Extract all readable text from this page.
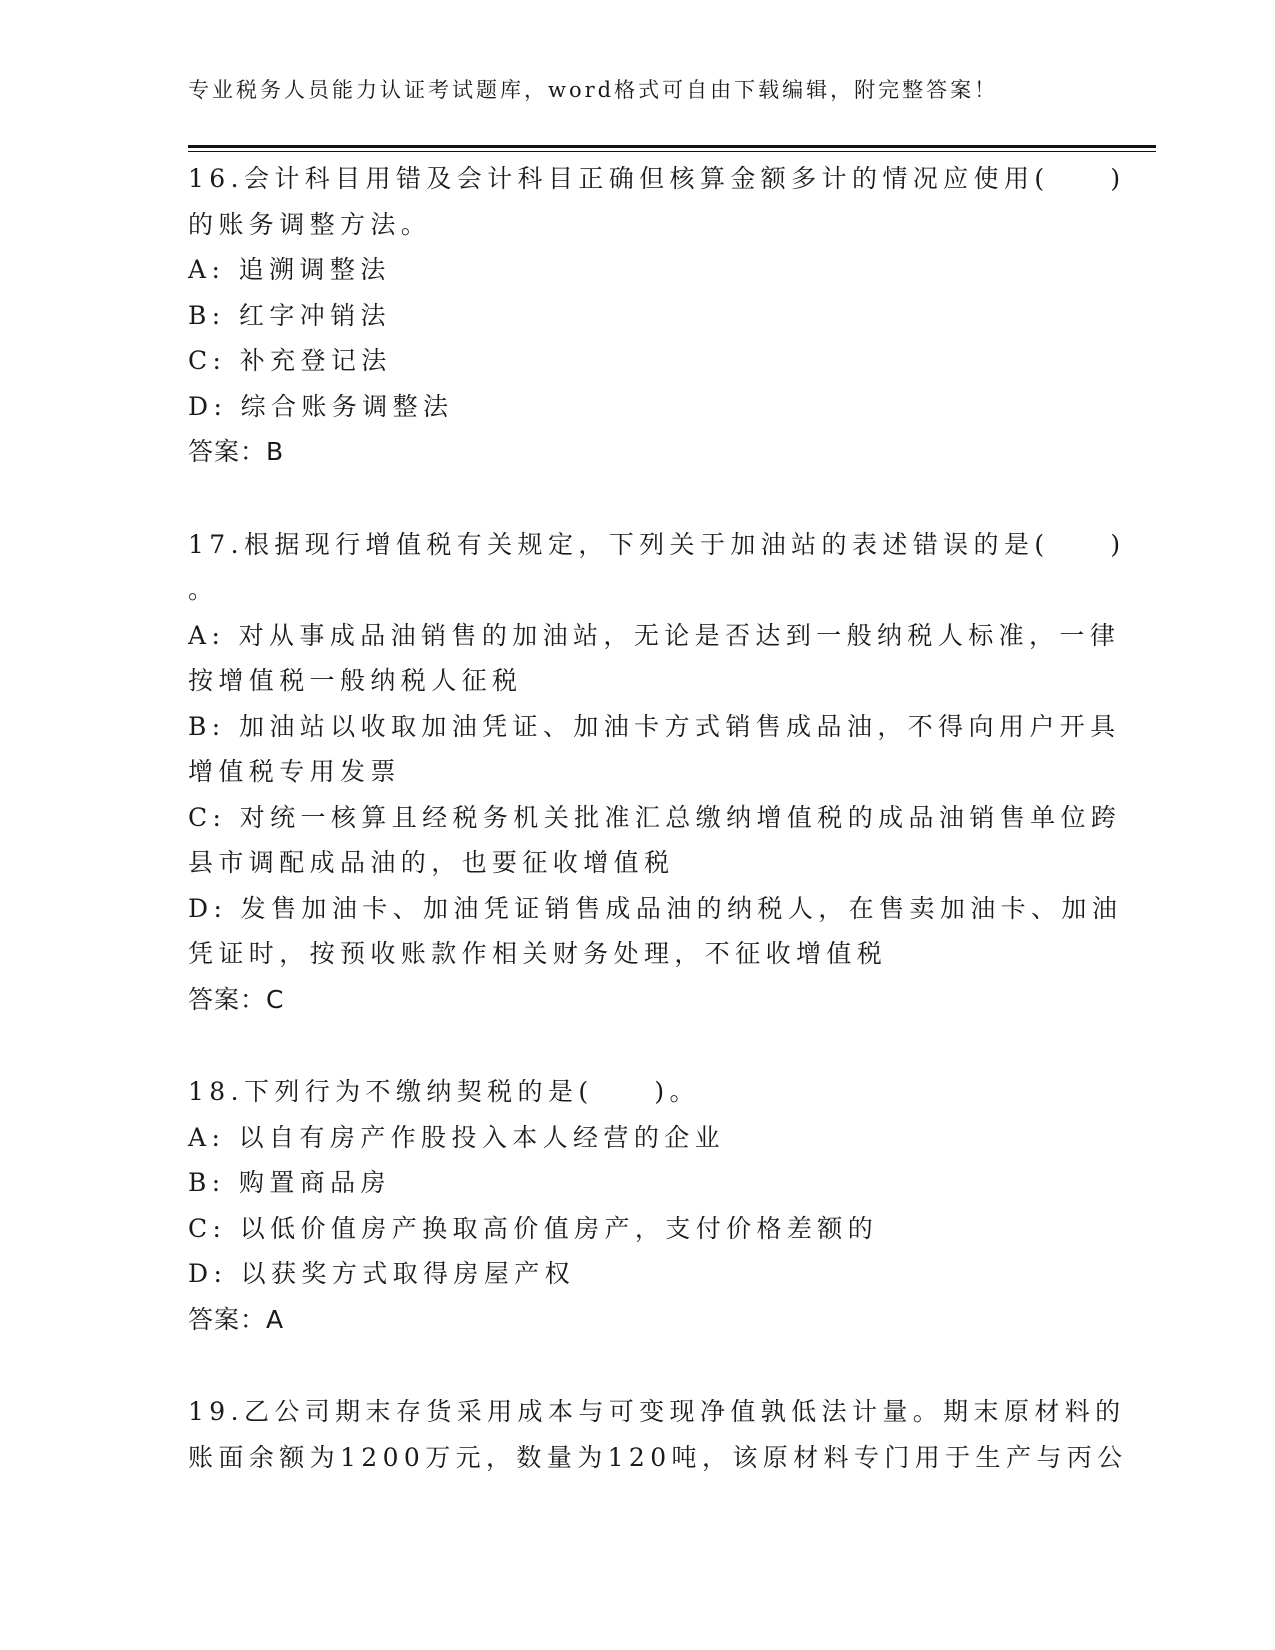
专业税务人员能力认证考试题库，word格式可自由下载编辑，附完整答案！
16.会计科目用错及会计科目正确但核算金额多计的情况应使用(　　)
的账务调整方法。
A: 追溯调整法
B: 红字冲销法
C: 补充登记法
D: 综合账务调整法
答案：B
17.根据现行增值税有关规定，下列关于加油站的表述错误的是(　　)
。
A: 对从事成品油销售的加油站，无论是否达到一般纳税人标准，一律
按增值税一般纳税人征税
B: 加油站以收取加油凭证、加油卡方式销售成品油，不得向用户开具
增值税专用发票
C: 对统一核算且经税务机关批准汇总缴纳增值税的成品油销售单位跨
县市调配成品油的，也要征收增值税
D: 发售加油卡、加油凭证销售成品油的纳税人，在售卖加油卡、加油
凭证时，按预收账款作相关财务处理，不征收增值税
答案：C
18.下列行为不缴纳契税的是(　　)。
A: 以自有房产作股投入本人经营的企业
B: 购置商品房
C: 以低价值房产换取高价值房产，支付价格差额的
D: 以获奖方式取得房屋产权
答案：A
19.乙公司期末存货采用成本与可变现净值孰低法计量。期末原材料的
账面余额为1200万元，数量为120吨，该原材料专门用于生产与丙公
